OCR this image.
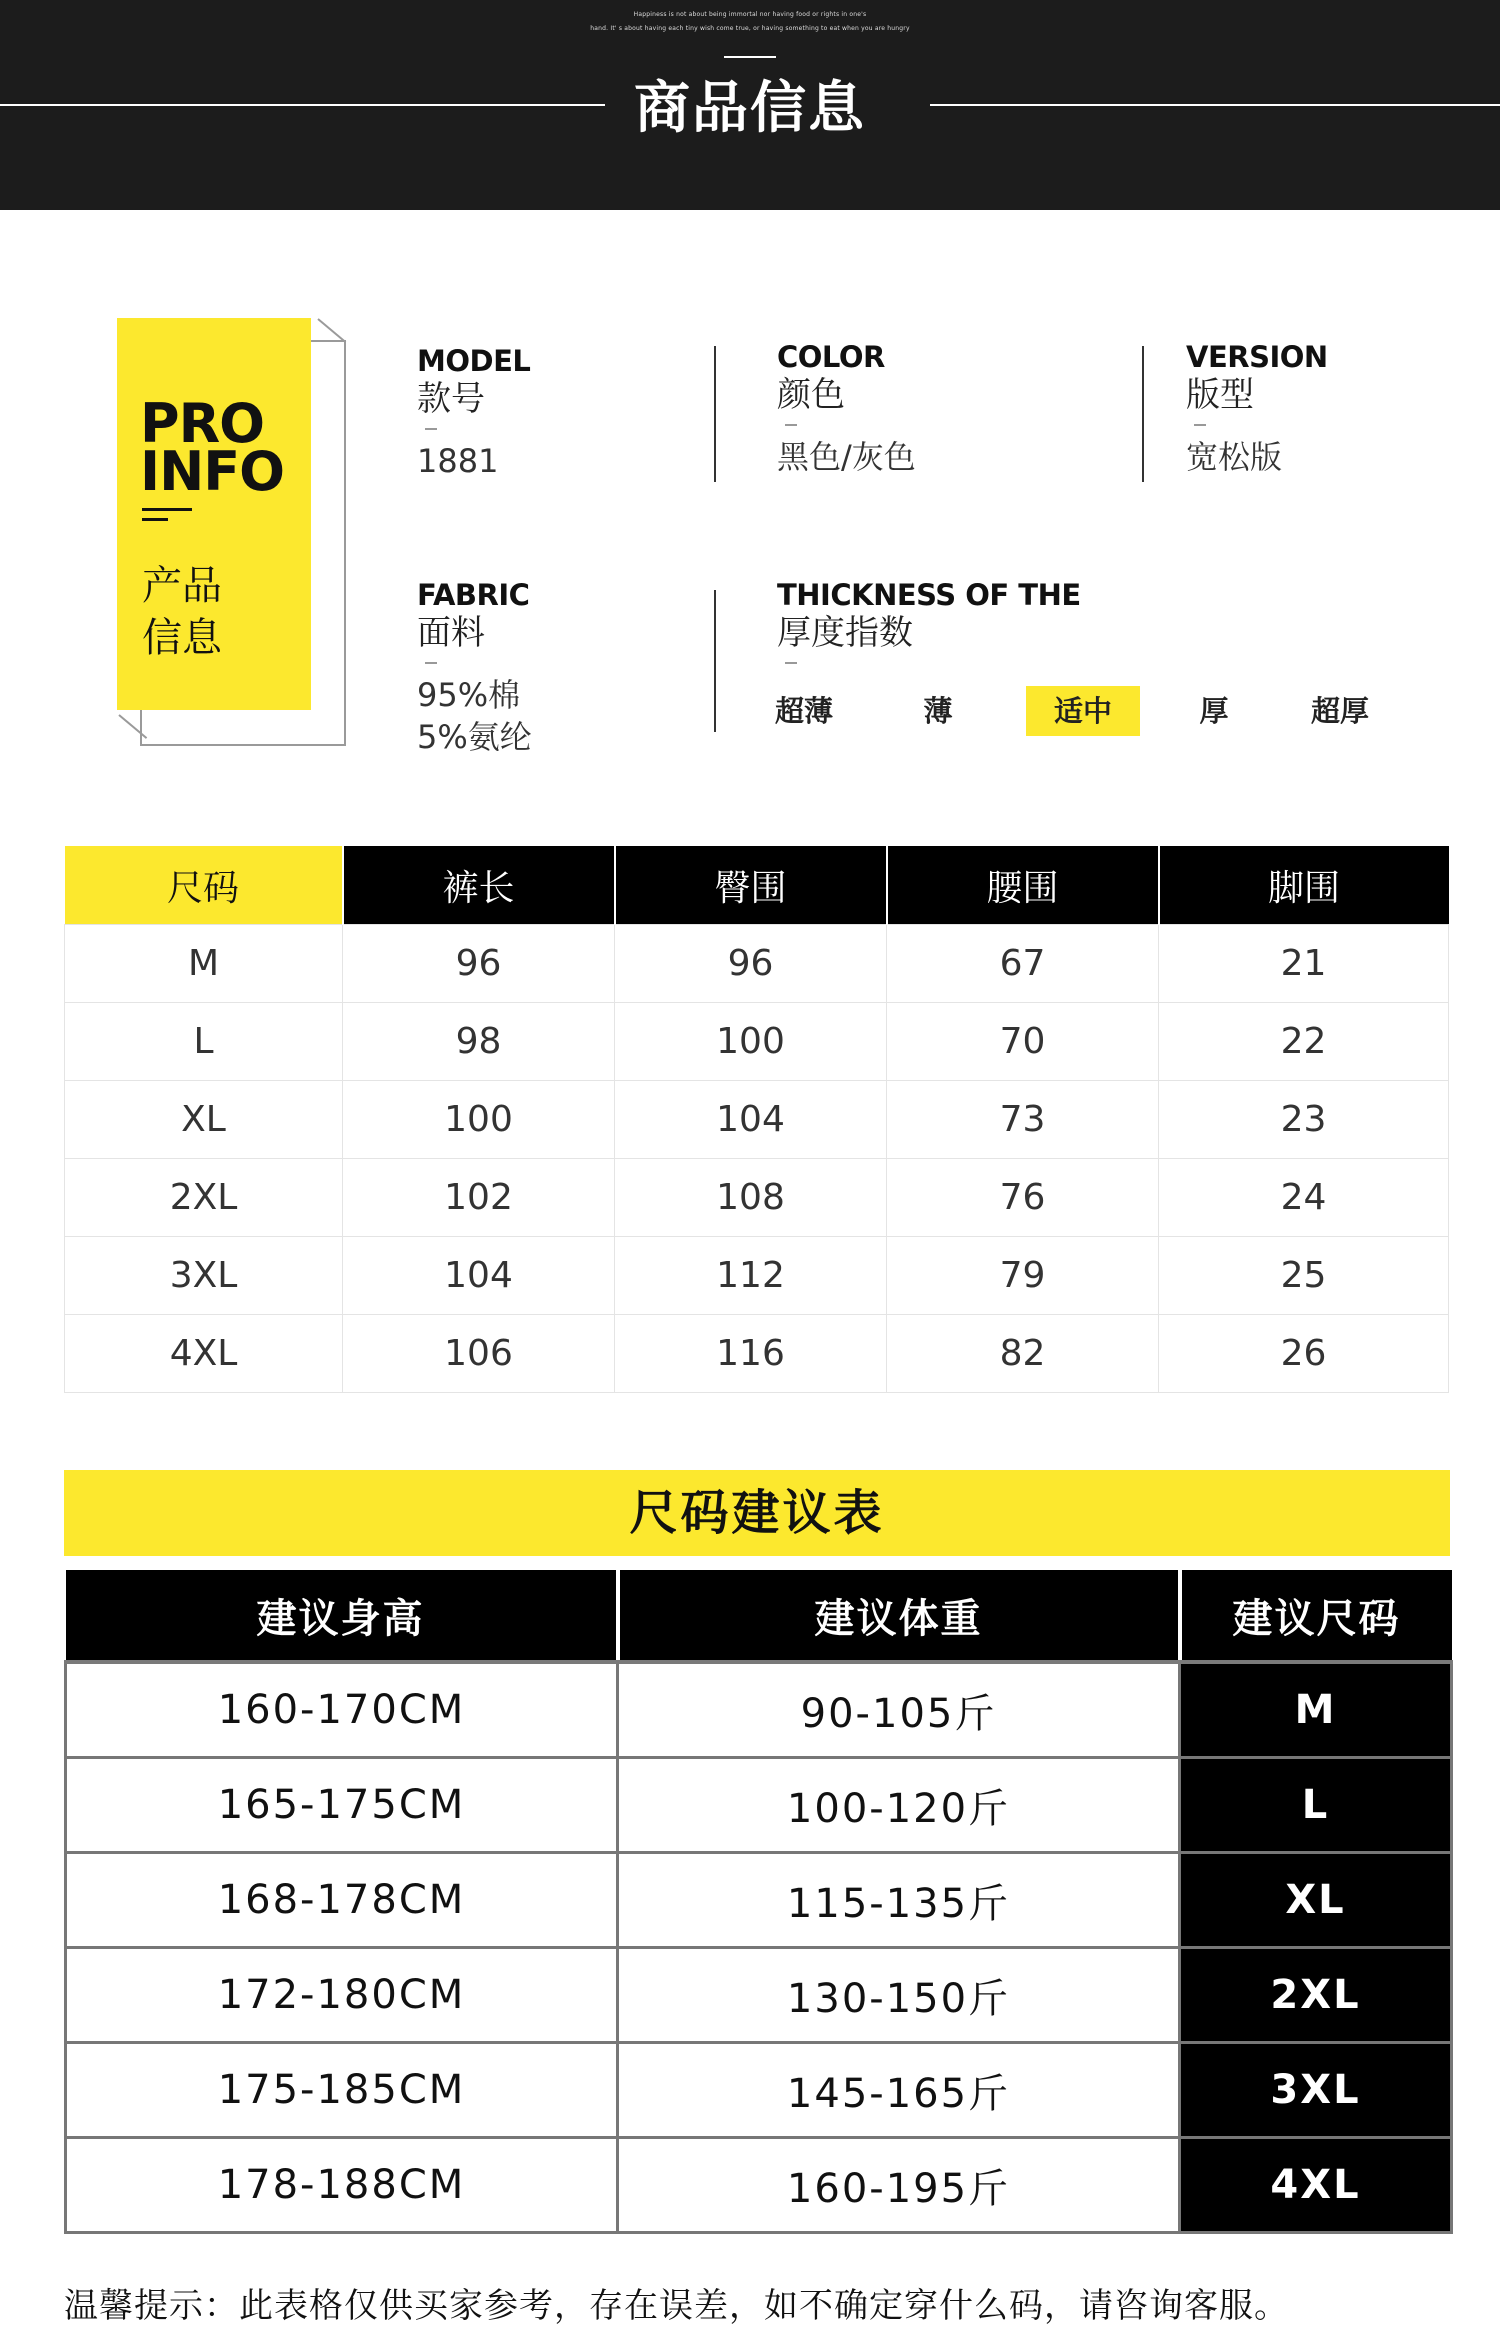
Happiness is not about being immortal nor having food or rights in one's
hand. It' s about having each tiny wish come true, or having something to eat when you are hungry
商品信息
PRO
INFO
产品
信息
MODEL
款号
1881
COLOR
颜色
黑色/灰色
VERSION
版型
宽松版
FABRIC
面料
95%棉
5%氨纶
THICKNESS OF THE
厚度指数
超薄	薄	适中	厚	超厚
尺码	裤长	臀围	腰围	脚围
M	96	96	67	21
L	98	100	70	22
XL	100	104	73	23
2XL	102	108	76	24
3XL	104	112	79	25
4XL	106	116	82	26
尺码建议表
建议身高	建议体重	建议尺码
160-170CM	90-105斤	M
165-175CM	100-120斤	L
168-178CM	115-135斤	XL
172-180CM	130-150斤	2XL
175-185CM	145-165斤	3XL
178-188CM	160-195斤	4XL
温馨提示：此表格仅供买家参考，存在误差，如不确定穿什么码，请咨询客服。
